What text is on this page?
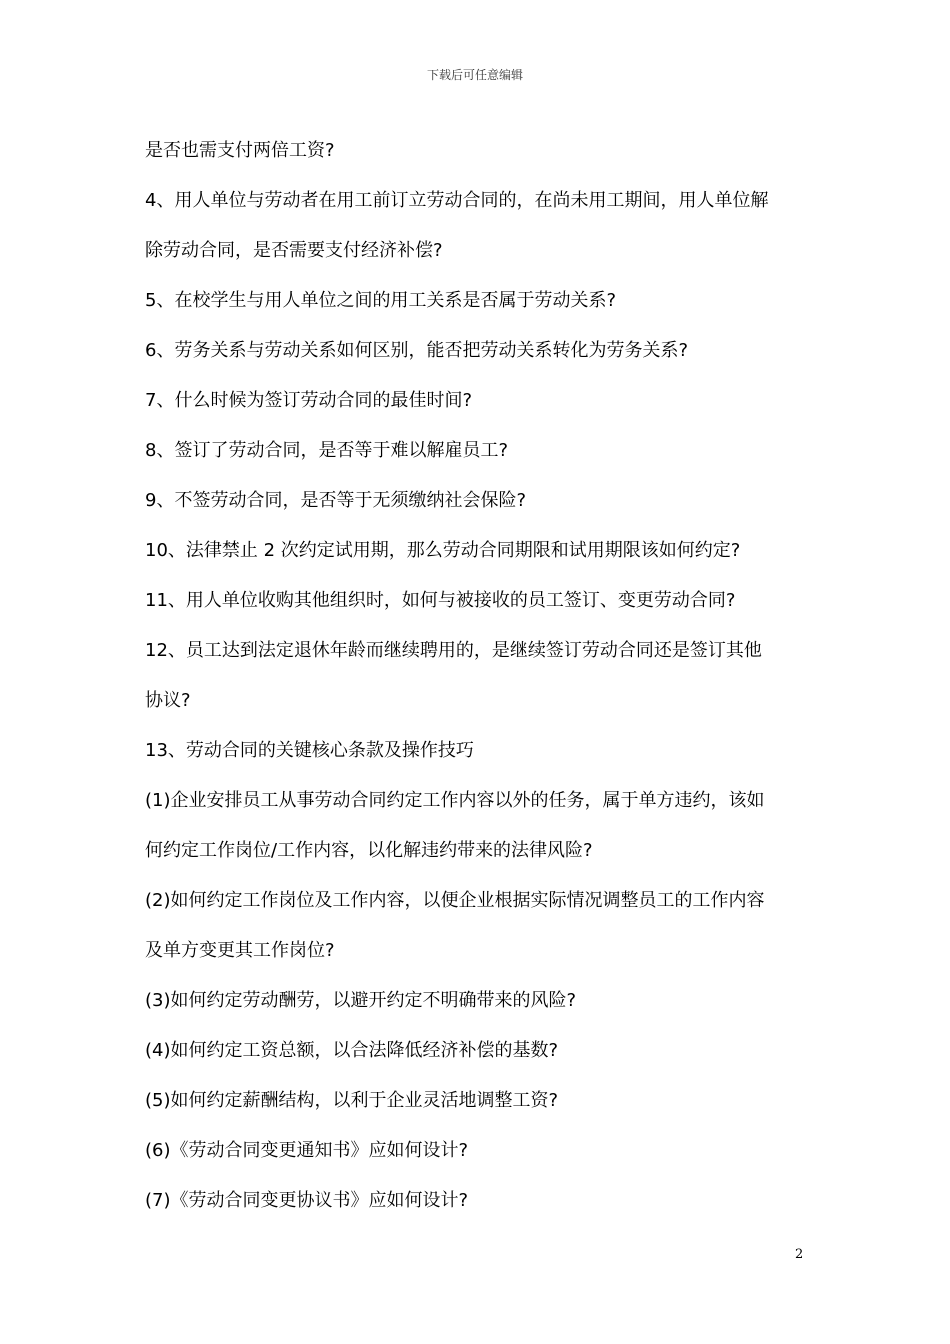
下载后可任意编辑
是否也需支付两倍工资?
4、用人单位与劳动者在用工前订立劳动合同的，在尚未用工期间，用人单位解
除劳动合同，是否需要支付经济补偿?
5、在校学生与用人单位之间的用工关系是否属于劳动关系?
6、劳务关系与劳动关系如何区别，能否把劳动关系转化为劳务关系?
7、什么时候为签订劳动合同的最佳时间?
8、签订了劳动合同，是否等于难以解雇员工?
9、不签劳动合同，是否等于无须缴纳社会保险?
10、法律禁止 2 次约定试用期，那么劳动合同期限和试用期限该如何约定?
11、用人单位收购其他组织时，如何与被接收的员工签订、变更劳动合同?
12、员工达到法定退休年龄而继续聘用的，是继续签订劳动合同还是签订其他
协议?
13、劳动合同的关键核心条款及操作技巧
(1)企业安排员工从事劳动合同约定工作内容以外的任务，属于单方违约，该如
何约定工作岗位/工作内容，以化解违约带来的法律风险?
(2)如何约定工作岗位及工作内容，以便企业根据实际情况调整员工的工作内容
及单方变更其工作岗位?
(3)如何约定劳动酬劳，以避开约定不明确带来的风险?
(4)如何约定工资总额，以合法降低经济补偿的基数?
(5)如何约定薪酬结构，以利于企业灵活地调整工资?
(6)《劳动合同变更通知书》应如何设计?
(7)《劳动合同变更协议书》应如何设计?
2
